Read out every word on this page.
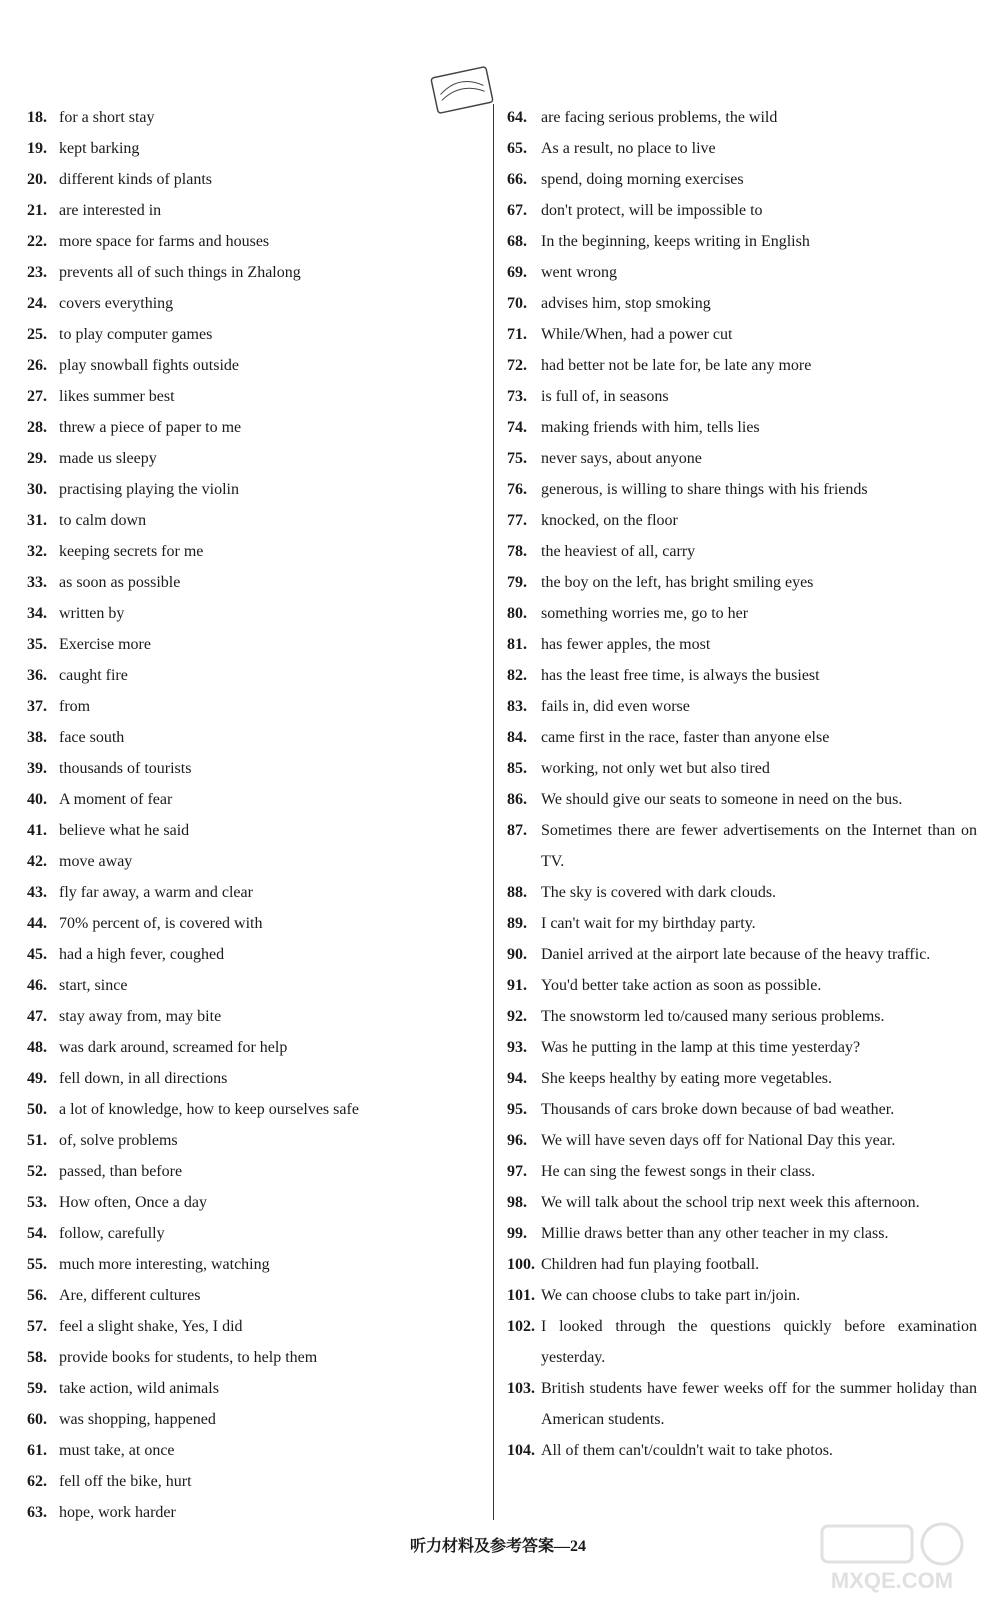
18. for a short stay
19. kept barking
20. different kinds of plants
21. are interested in
22. more space for farms and houses
23. prevents all of such things in Zhalong
24. covers everything
25. to play computer games
26. play snowball fights outside
27. likes summer best
28. threw a piece of paper to me
29. made us sleepy
30. practising playing the violin
31. to calm down
32. keeping secrets for me
33. as soon as possible
34. written by
35. Exercise more
36. caught fire
37. from
38. face south
39. thousands of tourists
40. A moment of fear
41. believe what he said
42. move away
43. fly far away, a warm and clear
44. 70% percent of, is covered with
45. had a high fever, coughed
46. start, since
47. stay away from, may bite
48. was dark around, screamed for help
49. fell down, in all directions
50. a lot of knowledge, how to keep ourselves safe
51. of, solve problems
52. passed, than before
53. How often, Once a day
54. follow, carefully
55. much more interesting, watching
56. Are, different cultures
57. feel a slight shake, Yes, I did
58. provide books for students, to help them
59. take action, wild animals
60. was shopping, happened
61. must take, at once
62. fell off the bike, hurt
63. hope, work harder
64. are facing serious problems, the wild
65. As a result, no place to live
66. spend, doing morning exercises
67. don't protect, will be impossible to
68. In the beginning, keeps writing in English
69. went wrong
70. advises him, stop smoking
71. While/When, had a power cut
72. had better not be late for, be late any more
73. is full of, in seasons
74. making friends with him, tells lies
75. never says, about anyone
76. generous, is willing to share things with his friends
77. knocked, on the floor
78. the heaviest of all, carry
79. the boy on the left, has bright smiling eyes
80. something worries me, go to her
81. has fewer apples, the most
82. has the least free time, is always the busiest
83. fails in, did even worse
84. came first in the race, faster than anyone else
85. working, not only wet but also tired
86. We should give our seats to someone in need on the bus.
87. Sometimes there are fewer advertisements on the Internet than on TV.
88. The sky is covered with dark clouds.
89. I can't wait for my birthday party.
90. Daniel arrived at the airport late because of the heavy traffic.
91. You'd better take action as soon as possible.
92. The snowstorm led to/caused many serious problems.
93. Was he putting in the lamp at this time yesterday?
94. She keeps healthy by eating more vegetables.
95. Thousands of cars broke down because of bad weather.
96. We will have seven days off for National Day this year.
97. He can sing the fewest songs in their class.
98. We will talk about the school trip next week this afternoon.
99. Millie draws better than any other teacher in my class.
100. Children had fun playing football.
101. We can choose clubs to take part in/join.
102. I looked through the questions quickly before examination yesterday.
103. British students have fewer weeks off for the summer holiday than American students.
104. All of them can't/couldn't wait to take photos.
听力材料及参考答案—24
MXQE.COM
